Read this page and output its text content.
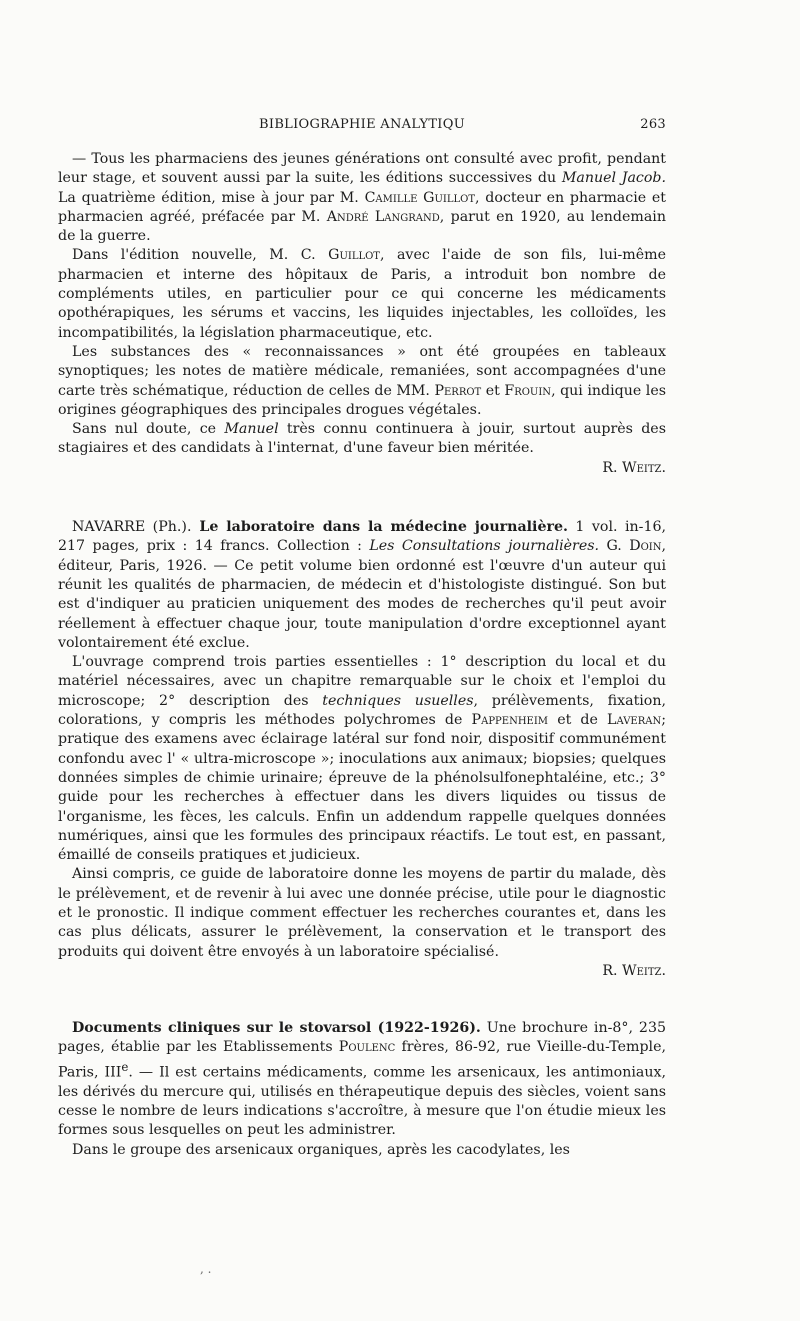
BIBLIOGRAPHIE ANALYTIQU	263

— Tous les pharmaciens des jeunes générations ont consulté avec profit, pendant leur stage, et souvent aussi par la suite, les éditions successives du Manuel Jacob. La quatrième édition, mise à jour par M. Camille Guillot, docteur en pharmacie et pharmacien agréé, préfacée par M. André Langrand, parut en 1920, au lendemain de la guerre.

Dans l'édition nouvelle, M. C. Guillot, avec l'aide de son fils, lui-même pharmacien et interne des hôpitaux de Paris, a introduit bon nombre de compléments utiles, en particulier pour ce qui concerne les médicaments opothérapiques, les sérums et vaccins, les liquides injectables, les colloïdes, les incompatibilités, la législation pharmaceutique, etc.

Les substances des « reconnaissances » ont été groupées en tableaux synoptiques; les notes de matière médicale, remaniées, sont accompagnées d'une carte très schématique, réduction de celles de MM. Perrot et Frouin, qui indique les origines géographiques des principales drogues végétales.

Sans nul doute, ce Manuel très connu continuera à jouir, surtout auprès des stagiaires et des candidats à l'internat, d'une faveur bien méritée.

R. Weitz.

NAVARRE (Ph.). Le laboratoire dans la médecine journalière. 1 vol. in-16, 217 pages, prix : 14 francs. Collection : Les Consultations journalières. G. Doin, éditeur, Paris, 1926. — Ce petit volume bien ordonné est l'œuvre d'un auteur qui réunit les qualités de pharmacien, de médecin et d'histologiste distingué. Son but est d'indiquer au praticien uniquement des modes de recherches qu'il peut avoir réellement à effectuer chaque jour, toute manipulation d'ordre exceptionnel ayant volontairement été exclue.

L'ouvrage comprend trois parties essentielles : 1° description du local et du matériel nécessaires, avec un chapitre remarquable sur le choix et l'emploi du microscope; 2° description des techniques usuelles, prélèvements, fixation, colorations, y compris les méthodes polychromes de Pappenheim et de Laveran; pratique des examens avec éclairage latéral sur fond noir, dispositif communément confondu avec l' « ultra-microscope »; inoculations aux animaux; biopsies; quelques données simples de chimie urinaire; épreuve de la phénolsulfonephtaléine, etc.; 3° guide pour les recherches à effectuer dans les divers liquides ou tissus de l'organisme, les fèces, les calculs. Enfin un addendum rappelle quelques données numériques, ainsi que les formules des principaux réactifs. Le tout est, en passant, émaillé de conseils pratiques et judicieux.

Ainsi compris, ce guide de laboratoire donne les moyens de partir du malade, dès le prélèvement, et de revenir à lui avec une donnée précise, utile pour le diagnostic et le pronostic. Il indique comment effectuer les recherches courantes et, dans les cas plus délicats, assurer le prélèvement, la conservation et le transport des produits qui doivent être envoyés à un laboratoire spécialisé.

R. Weitz.

Documents cliniques sur le stovarsol (1922-1926). Une brochure in-8°, 235 pages, établie par les Etablissements Poulenc frères, 86-92, rue Vieille-du-Temple, Paris, IIIe. — Il est certains médicaments, comme les arsenicaux, les antimoniaux, les dérivés du mercure qui, utilisés en thérapeutique depuis des siècles, voient sans cesse le nombre de leurs indications s'accroître, à mesure que l'on étudie mieux les formes sous lesquelles on peut les administrer.

Dans le groupe des arsenicaux organiques, après les cacodylates, les

, .
